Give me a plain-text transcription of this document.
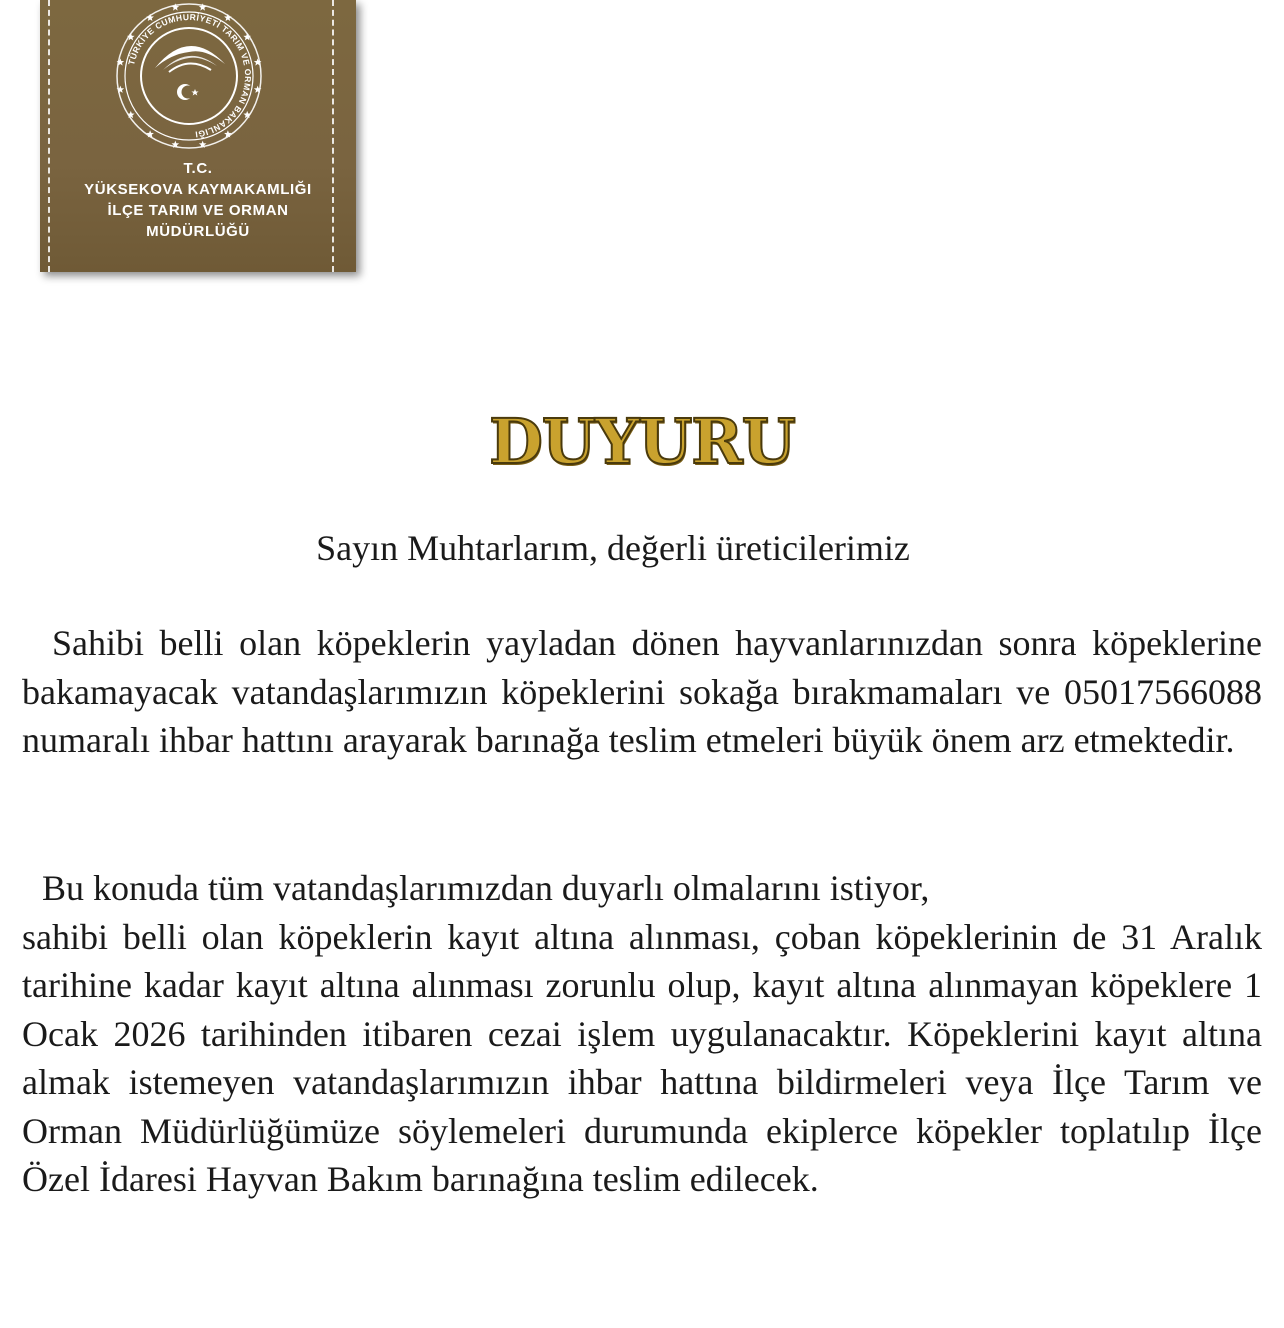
TÜRKİYE CUMHURİYETİ TARIM VE ORMAN BAKANLIĞI
T.C.
YÜKSEKOVA KAYMAKAMLIĞI
İLÇE TARIM VE ORMAN
MÜDÜRLÜĞÜ
DUYURU
Sayın Muhtarlarım, değerli üreticilerimiz
Sahibi belli olan köpeklerin yayladan dönen hayvanlarınızdan sonra köpeklerine bakamayacak vatandaşlarımızın köpeklerini sokağa bırakmamaları ve 05017566088 numaralı ihbar hattını arayarak barınağa teslim etmeleri büyük önem arz etmektedir.
Bu konuda tüm vatandaşlarımızdan duyarlı olmalarını istiyor,
sahibi belli olan köpeklerin kayıt altına alınması, çoban köpeklerinin de 31 Aralık tarihine kadar kayıt altına alınması zorunlu olup, kayıt altına alınmayan köpeklere 1 Ocak 2026 tarihinden itibaren cezai işlem uygulanacaktır. Köpeklerini kayıt altına almak istemeyen vatandaşlarımızın ihbar hattına bildirmeleri veya İlçe Tarım ve Orman Müdürlüğümüze söylemeleri durumunda ekiplerce köpekler toplatılıp İlçe Özel İdaresi Hayvan Bakım barınağına teslim edilecek.
